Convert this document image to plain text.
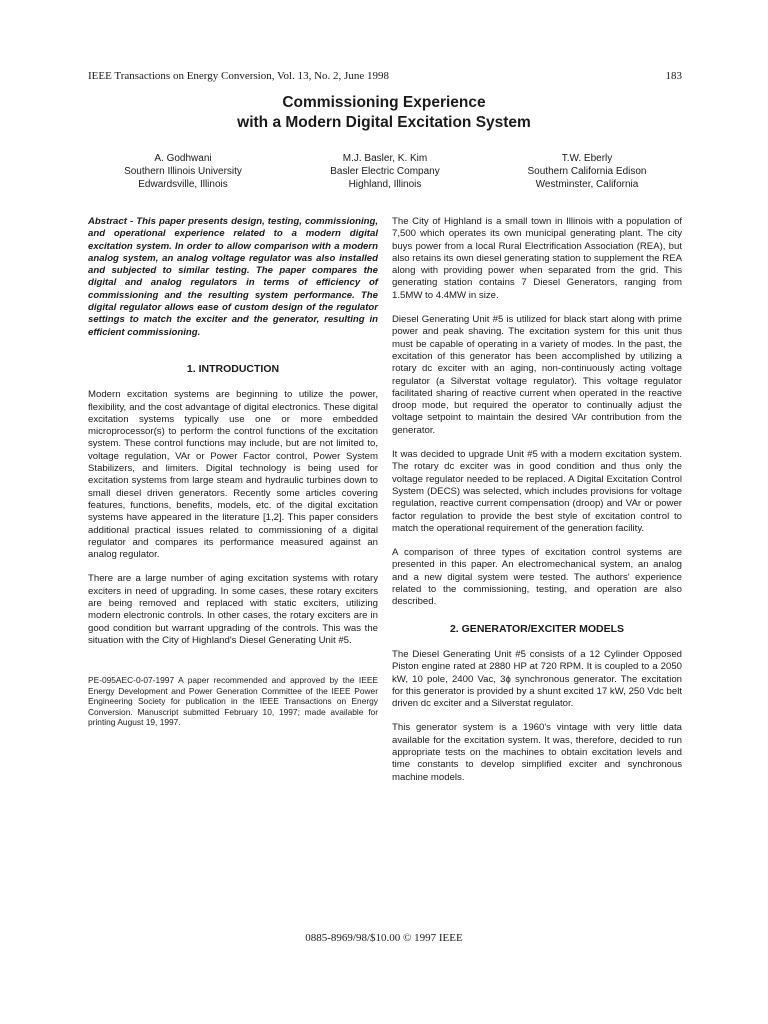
IEEE Transactions on Energy Conversion, Vol. 13, No. 2, June 1998	183
Commissioning Experience
with a Modern Digital Excitation System
A. Godhwani
Southern Illinois University
Edwardsville, Illinois
M.J. Basler, K. Kim
Basler Electric Company
Highland, Illinois
T.W. Eberly
Southern California Edison
Westminster, California

Abstract - This paper presents design, testing, commissioning, and operational experience related to a modern digital excitation system. In order to allow comparison with a modern analog system, an analog voltage regulator was also installed and subjected to similar testing. The paper compares the digital and analog regulators in terms of efficiency of commissioning and the resulting system performance. The digital regulator allows ease of custom design of the regulator settings to match the exciter and the generator, resulting in efficient commissioning.

1. INTRODUCTION

Modern excitation systems are beginning to utilize the power, flexibility, and the cost advantage of digital electronics. These digital excitation systems typically use one or more embedded microprocessor(s) to perform the control functions of the excitation system. These control functions may include, but are not limited to, voltage regulation, VAr or Power Factor control, Power System Stabilizers, and limiters. Digital technology is being used for excitation systems from large steam and hydraulic turbines down to small diesel driven generators. Recently some articles covering features, functions, benefits, models, etc. of the digital excitation systems have appeared in the literature [1,2]. This paper considers additional practical issues related to commissioning of a digital regulator and compares its performance measured against an analog regulator.

There are a large number of aging excitation systems with rotary exciters in need of upgrading. In some cases, these rotary exciters are being removed and replaced with static exciters, utilizing modern electronic controls. In other cases, the rotary exciters are in good condition but warrant upgrading of the controls. This was the situation with the City of Highland's Diesel Generating Unit #5.

PE-095AEC-0-07-1997 A paper recommended and approved by the IEEE Energy Development and Power Generation Committee of the IEEE Power Engineering Society for publication in the IEEE Transactions on Energy Conversion. Manuscript submitted February 10, 1997; made available for printing August 19, 1997.

The City of Highland is a small town in Illinois with a population of 7,500 which operates its own municipal generating plant. The city buys power from a local Rural Electrification Association (REA), but also retains its own diesel generating station to supplement the REA along with providing power when separated from the grid. This generating station contains 7 Diesel Generators, ranging from 1.5MW to 4.4MW in size.

Diesel Generating Unit #5 is utilized for black start along with prime power and peak shaving. The excitation system for this unit thus must be capable of operating in a variety of modes. In the past, the excitation of this generator has been accomplished by utilizing a rotary dc exciter with an aging, non-continuously acting voltage regulator (a Silverstat voltage regulator). This voltage regulator facilitated sharing of reactive current when operated in the reactive droop mode, but required the operator to continually adjust the voltage setpoint to maintain the desired VAr contribution from the generator.

It was decided to upgrade Unit #5 with a modern excitation system. The rotary dc exciter was in good condition and thus only the voltage regulator needed to be replaced. A Digital Excitation Control System (DECS) was selected, which includes provisions for voltage regulation, reactive current compensation (droop) and VAr or power factor regulation to provide the best style of excitation control to match the operational requirement of the generation facility.

A comparison of three types of excitation control systems are presented in this paper. An electromechanical system, an analog and a new digital system were tested. The authors' experience related to the commissioning, testing, and operation are also described.

2. GENERATOR/EXCITER MODELS

The Diesel Generating Unit #5 consists of a 12 Cylinder Opposed Piston engine rated at 2880 HP at 720 RPM. It is coupled to a 2050 kW, 10 pole, 2400 Vac, 3ϕ synchronous generator. The excitation for this generator is provided by a shunt excited 17 kW, 250 Vdc belt driven dc exciter and a Silverstat regulator.

This generator system is a 1960's vintage with very little data available for the excitation system. It was, therefore, decided to run appropriate tests on the machines to obtain excitation levels and time constants to develop simplified exciter and synchronous machine models.

0885-8969/98/$10.00 © 1997 IEEE
